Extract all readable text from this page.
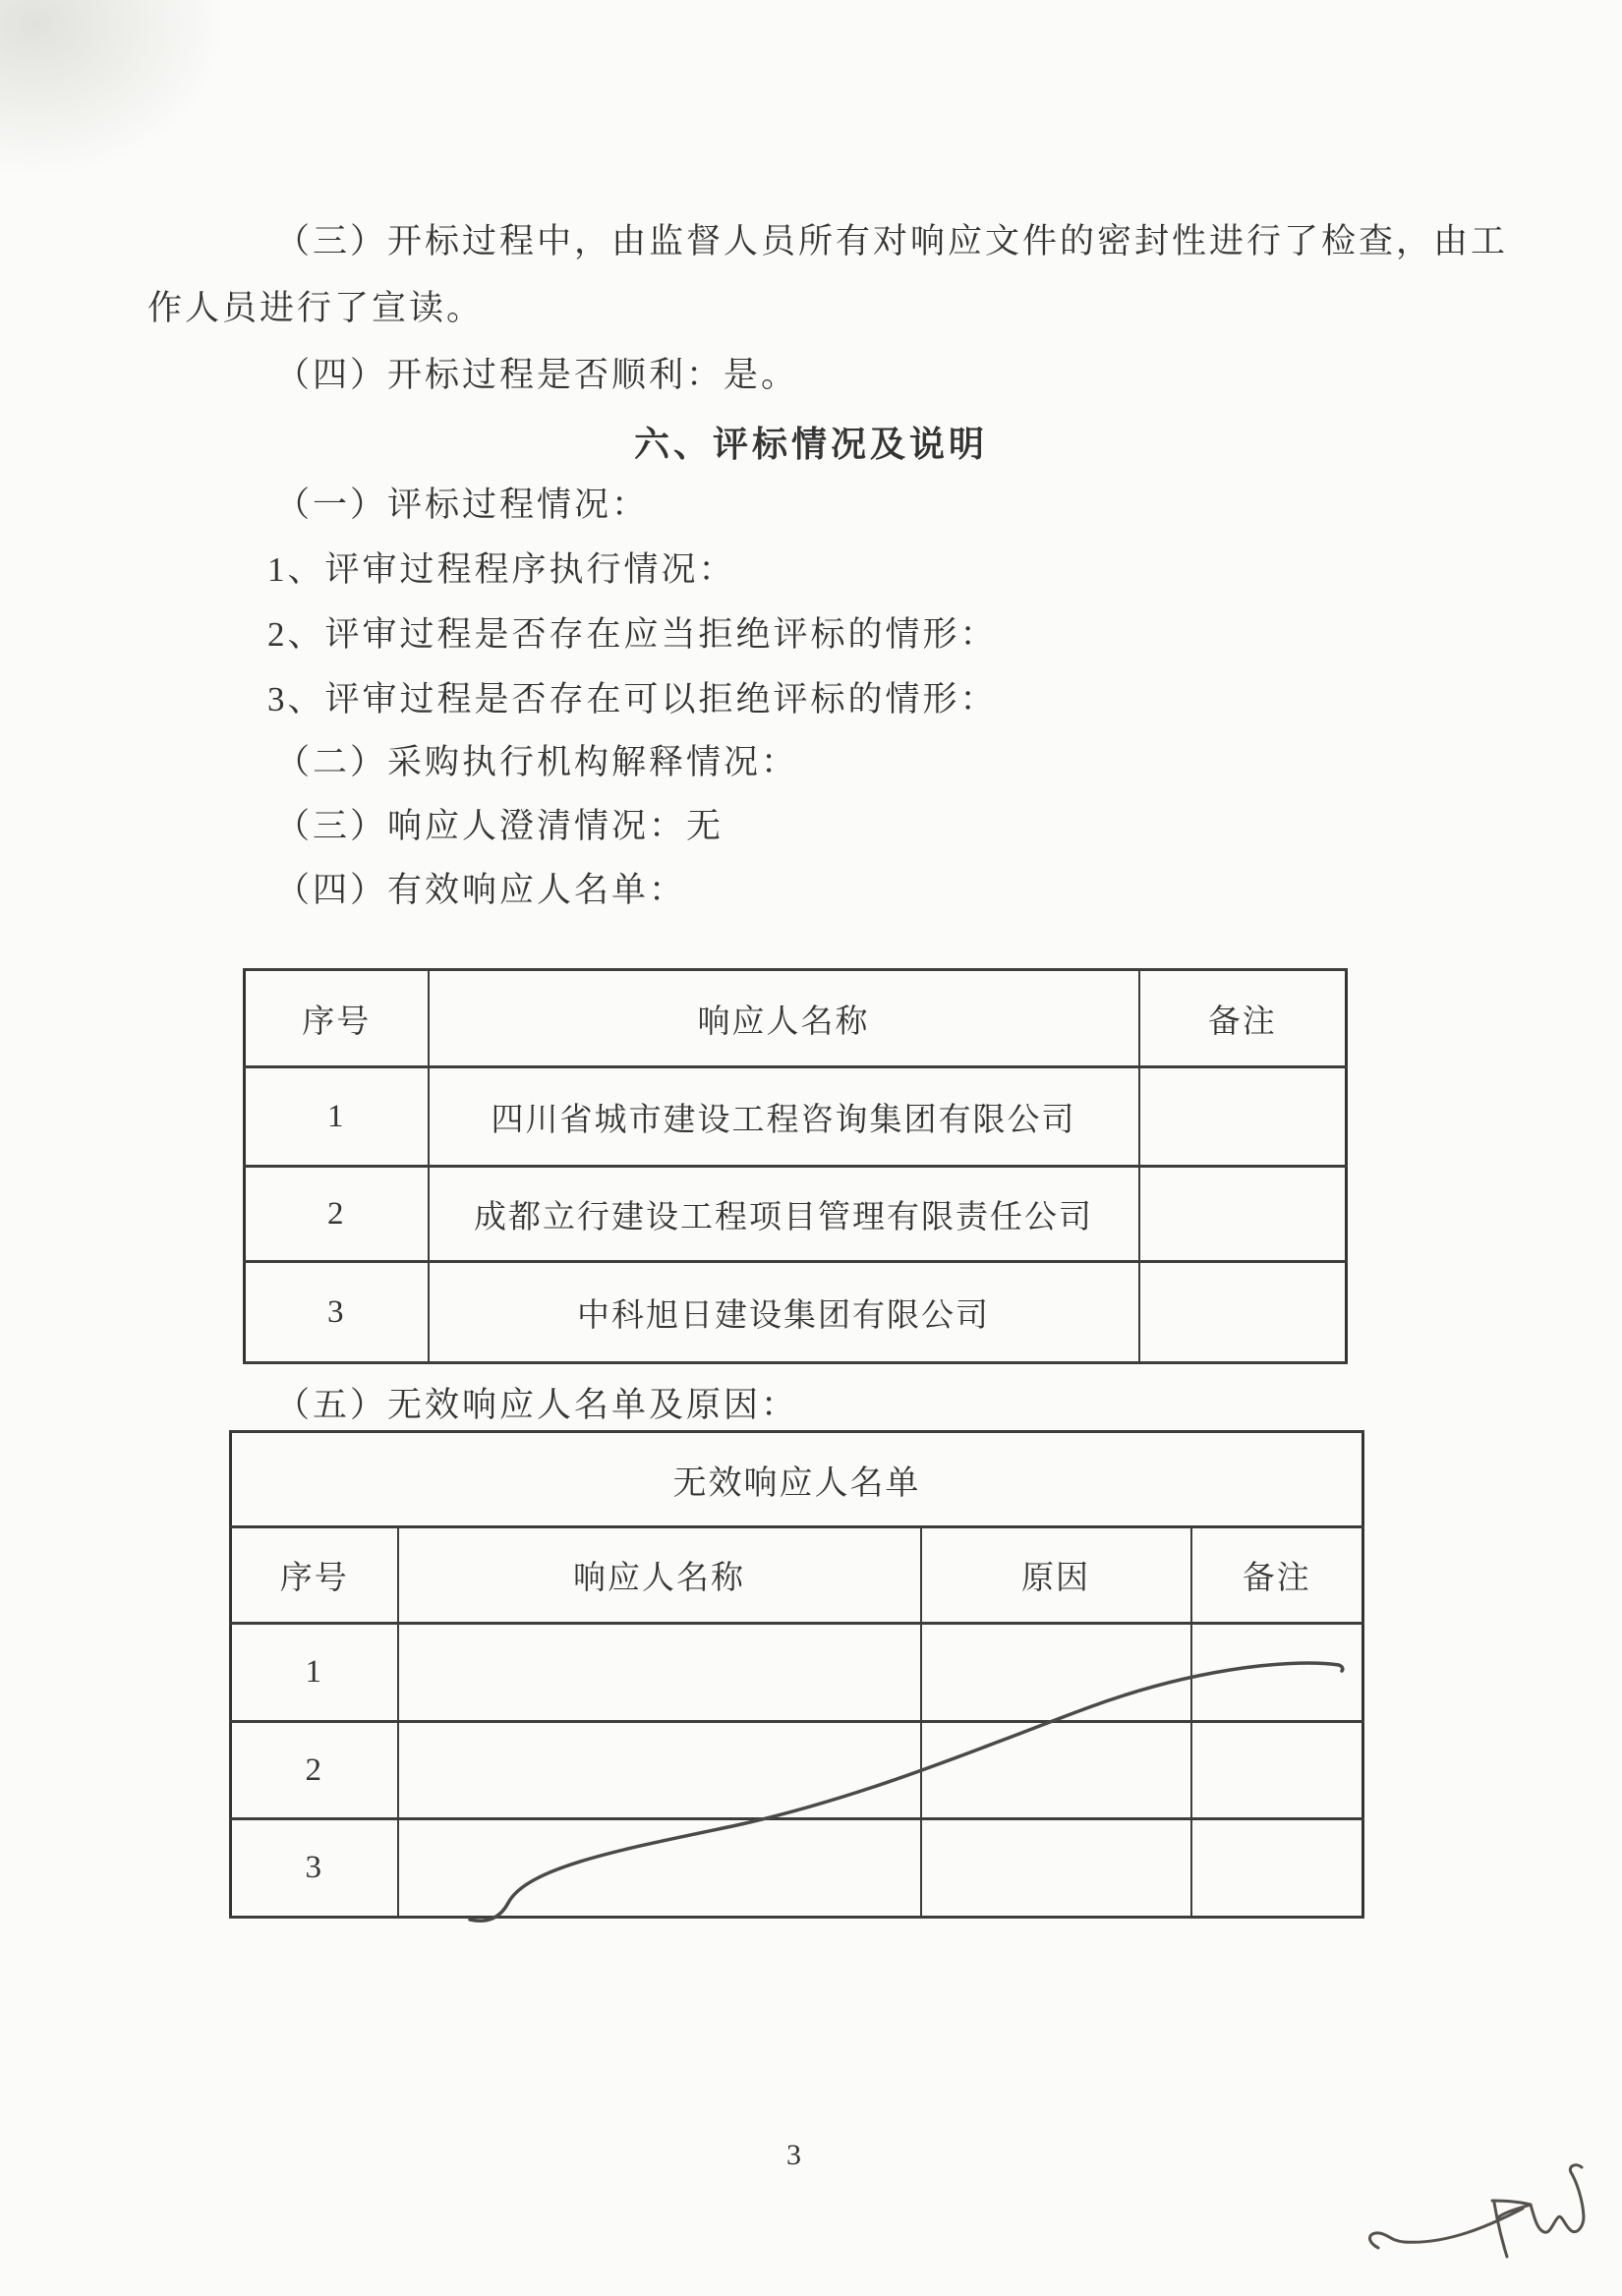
（三）开标过程中，由监督人员所有对响应文件的密封性进行了检查，由工
作人员进行了宣读。
（四）开标过程是否顺利：是。
六、评标情况及说明
（一）评标过程情况：
1、评审过程程序执行情况：
2、评审过程是否存在应当拒绝评标的情形：
3、评审过程是否存在可以拒绝评标的情形：
（二）采购执行机构解释情况：
（三）响应人澄清情况：无
（四）有效响应人名单：
序号	响应人名称	备注
1	四川省城市建设工程咨询集团有限公司	
2	成都立行建设工程项目管理有限责任公司	
3	中科旭日建设集团有限公司	
（五）无效响应人名单及原因：
无效响应人名单			
序号	响应人名称	原因	备注
1			
2			
3			
3
